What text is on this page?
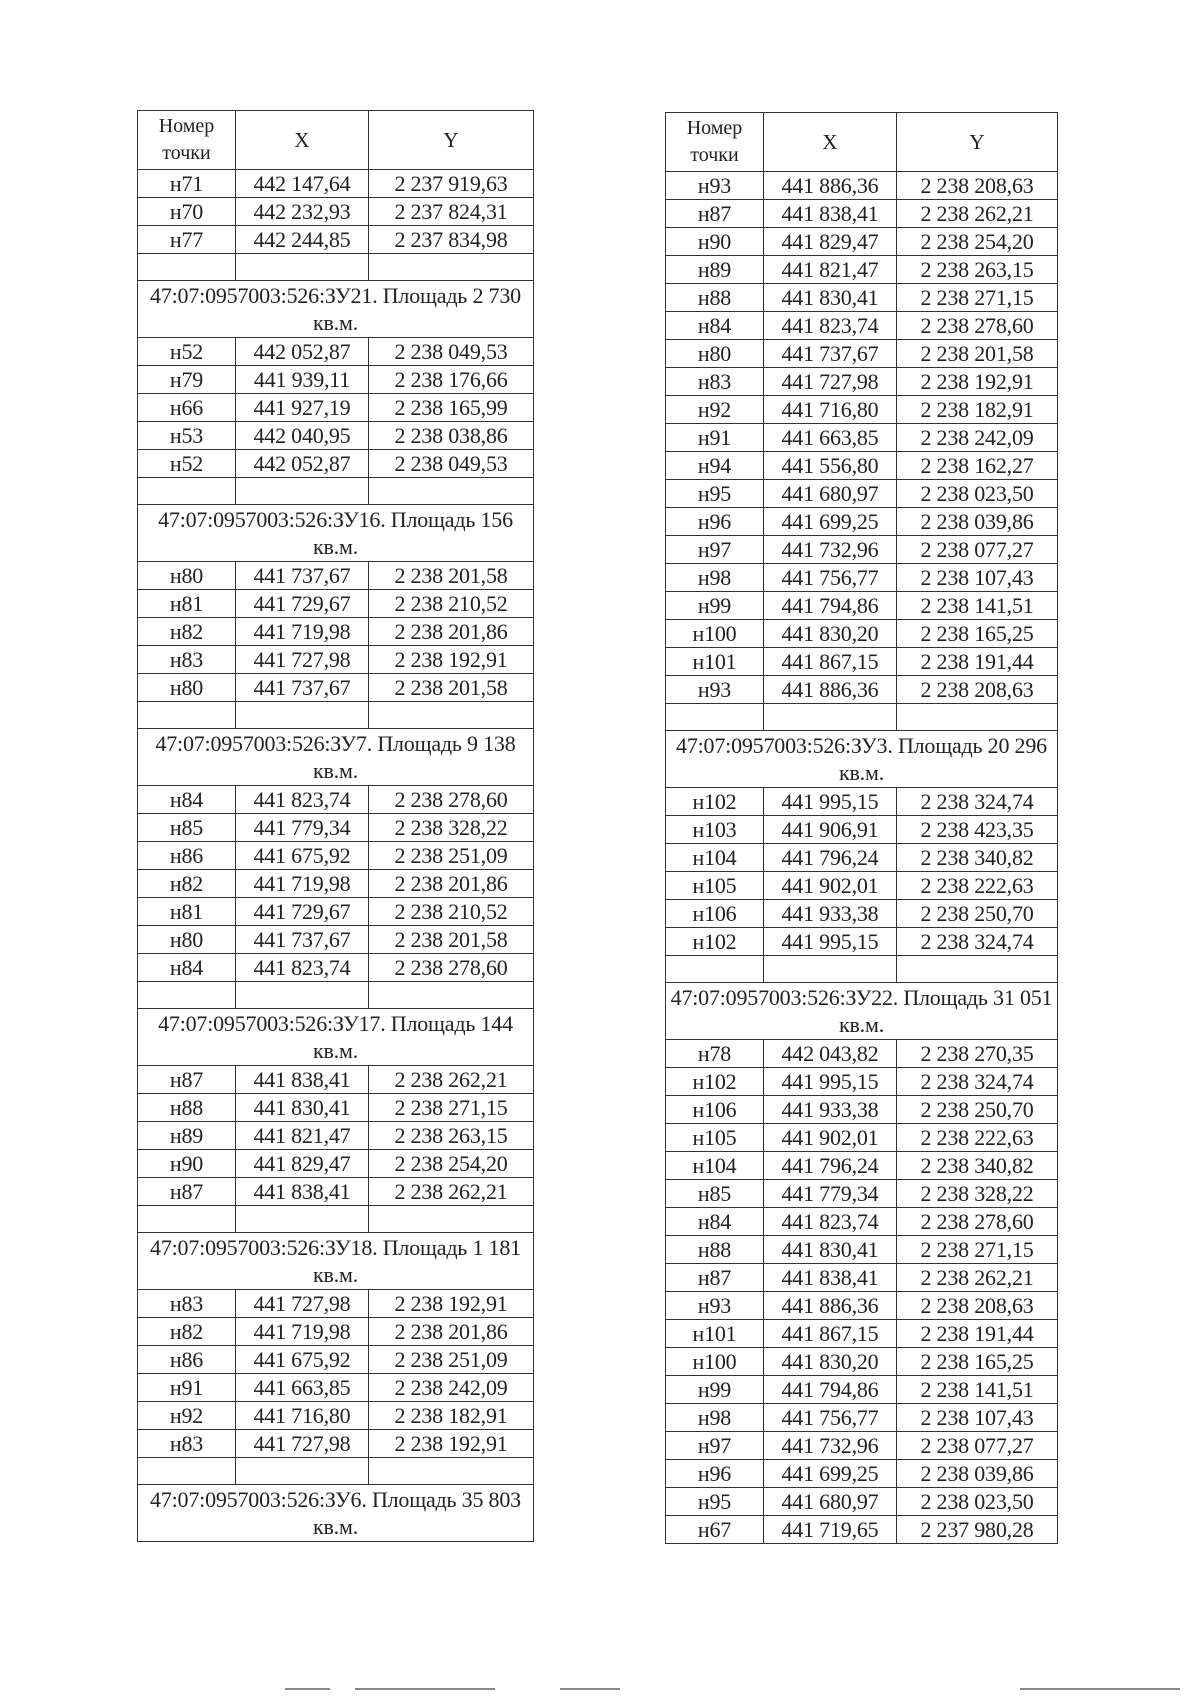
Номер точки	X	Y
н71	442 147,64	2 237 919,63
н70	442 232,93	2 237 824,31
н77	442 244,85	2 237 834,98

47:07:0957003:526:ЗУ21. Площадь 2 730 кв.м.		
н52	442 052,87	2 238 049,53
н79	441 939,11	2 238 176,66
н66	441 927,19	2 238 165,99
н53	442 040,95	2 238 038,86
н52	442 052,87	2 238 049,53

47:07:0957003:526:ЗУ16. Площадь 156 кв.м.		
н80	441 737,67	2 238 201,58
н81	441 729,67	2 238 210,52
н82	441 719,98	2 238 201,86
н83	441 727,98	2 238 192,91
н80	441 737,67	2 238 201,58

47:07:0957003:526:ЗУ7. Площадь 9 138 кв.м.		
н84	441 823,74	2 238 278,60
н85	441 779,34	2 238 328,22
н86	441 675,92	2 238 251,09
н82	441 719,98	2 238 201,86
н81	441 729,67	2 238 210,52
н80	441 737,67	2 238 201,58
н84	441 823,74	2 238 278,60

47:07:0957003:526:ЗУ17. Площадь 144 кв.м.		
н87	441 838,41	2 238 262,21
н88	441 830,41	2 238 271,15
н89	441 821,47	2 238 263,15
н90	441 829,47	2 238 254,20
н87	441 838,41	2 238 262,21

47:07:0957003:526:ЗУ18. Площадь 1 181 кв.м.		
н83	441 727,98	2 238 192,91
н82	441 719,98	2 238 201,86
н86	441 675,92	2 238 251,09
н91	441 663,85	2 238 242,09
н92	441 716,80	2 238 182,91
н83	441 727,98	2 238 192,91

47:07:0957003:526:ЗУ6. Площадь 35 803 кв.м.		
Номер точки	X	Y
н93	441 886,36	2 238 208,63
н87	441 838,41	2 238 262,21
н90	441 829,47	2 238 254,20
н89	441 821,47	2 238 263,15
н88	441 830,41	2 238 271,15
н84	441 823,74	2 238 278,60
н80	441 737,67	2 238 201,58
н83	441 727,98	2 238 192,91
н92	441 716,80	2 238 182,91
н91	441 663,85	2 238 242,09
н94	441 556,80	2 238 162,27
н95	441 680,97	2 238 023,50
н96	441 699,25	2 238 039,86
н97	441 732,96	2 238 077,27
н98	441 756,77	2 238 107,43
н99	441 794,86	2 238 141,51
н100	441 830,20	2 238 165,25
н101	441 867,15	2 238 191,44
н93	441 886,36	2 238 208,63

47:07:0957003:526:ЗУ3. Площадь 20 296 кв.м.		
н102	441 995,15	2 238 324,74
н103	441 906,91	2 238 423,35
н104	441 796,24	2 238 340,82
н105	441 902,01	2 238 222,63
н106	441 933,38	2 238 250,70
н102	441 995,15	2 238 324,74

47:07:0957003:526:ЗУ22. Площадь 31 051 кв.м.		
н78	442 043,82	2 238 270,35
н102	441 995,15	2 238 324,74
н106	441 933,38	2 238 250,70
н105	441 902,01	2 238 222,63
н104	441 796,24	2 238 340,82
н85	441 779,34	2 238 328,22
н84	441 823,74	2 238 278,60
н88	441 830,41	2 238 271,15
н87	441 838,41	2 238 262,21
н93	441 886,36	2 238 208,63
н101	441 867,15	2 238 191,44
н100	441 830,20	2 238 165,25
н99	441 794,86	2 238 141,51
н98	441 756,77	2 238 107,43
н97	441 732,96	2 238 077,27
н96	441 699,25	2 238 039,86
н95	441 680,97	2 238 023,50
н67	441 719,65	2 237 980,28
